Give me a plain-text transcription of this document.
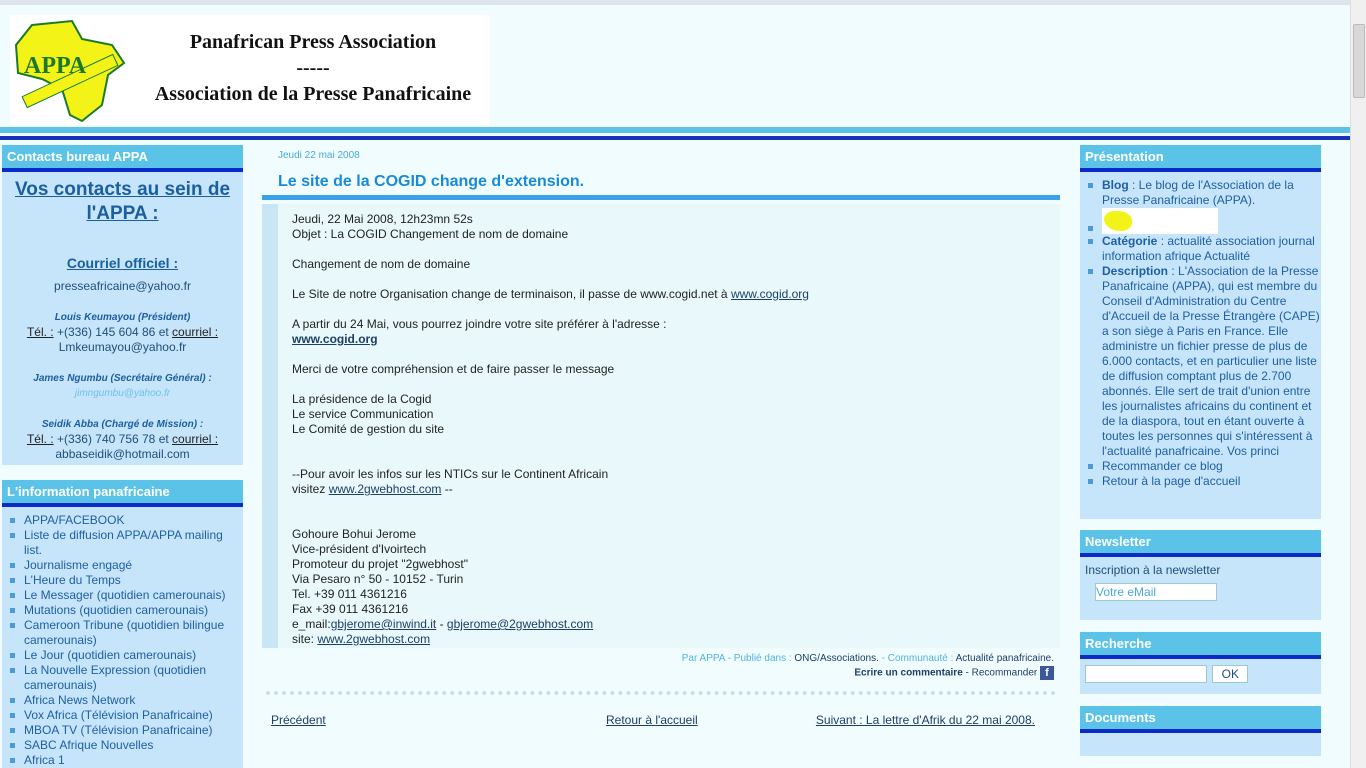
APPA
Panafrican Press Association
-----
Association de la Presse Panafricaine
Contacts bureau APPA
Vos contacts au sein de l'APPA :
Courriel officiel :
presseafricaine@yahoo.fr
Louis Keumayou (Président)
Tél. : +(336) 145 604 86 et courriel :
Lmkeumayou@yahoo.fr
James Ngumbu (Secrétaire Général) :
jimngumbu@yahoo.fr
Seidik Abba (Chargé de Mission) :
Tél. : +(336) 740 756 78 et courriel :
abbaseidik@hotmail.com
L'information panafricaine
APPA/FACEBOOK
Liste de diffusion APPA/APPA mailing list.
Journalisme engagé
L'Heure du Temps
Le Messager (quotidien camerounais)
Mutations (quotidien camerounais)
Cameroon Tribune (quotidien bilingue camerounais)
Le Jour (quotidien camerounais)
La Nouvelle Expression (quotidien camerounais)
Africa News Network
Vox Africa (Télévision Panafricaine)
MBOA TV (Télévision Panafricaine)
SABC Afrique Nouvelles
Africa 1
Jeudi 22 mai 2008
Le site de la COGID change d'extension.
Jeudi, 22 Mai 2008, 12h23mn 52s
Objet : La COGID Changement de nom de domaine

Changement de nom de domaine

Le Site de notre Organisation change de terminaison, il passe de www.cogid.net à www.cogid.org

A partir du 24 Mai, vous pourrez joindre votre site préférer à l'adresse :
www.cogid.org

Merci de votre compréhension et de faire passer le message

La présidence de la Cogid
Le service Communication
Le Comité de gestion du site

--Pour avoir les infos sur les NTICs sur le Continent Africain
visitez www.2gwebhost.com --

Gohoure Bohui Jerome
Vice-président d'Ivoirtech
Promoteur du projet "2gwebhost"
Via Pesaro n° 50 - 10152 - Turin
Tel. +39 011 4361216
Fax +39 011 4361216
e_mail:gbjerome@inwind.it - gbjerome@2gwebhost.com
site: www.2gwebhost.com
Par APPA - Publié dans : ONG/Associations. - Communauté : Actualité panafricaine.
Ecrire un commentaire - Recommander f
Précédent	Retour à l'accueil	Suivant : La lettre d'Afrik du 22 mai 2008.
Présentation
Blog : Le blog de l'Association de la Presse Panafricaine (APPA).
Catégorie : actualité association journal information afrique Actualité
Description : L'Association de la Presse Panafricaine (APPA), qui est membre du Conseil d'Administration du Centre d'Accueil de la Presse Étrangère (CAPE) a son siège à Paris en France. Elle administre un fichier presse de plus de 6.000 contacts, et en particulier une liste de diffusion comptant plus de 2.700 abonnés. Elle sert de trait d'union entre les journalistes africains du continent et de la diaspora, tout en étant ouverte à toutes les personnes qui s'intéressent à l'actualité panafricaine. Vos princi
Recommander ce blog
Retour à la page d'accueil
Newsletter
Inscription à la newsletter
Votre eMail
Recherche
OK
Documents
